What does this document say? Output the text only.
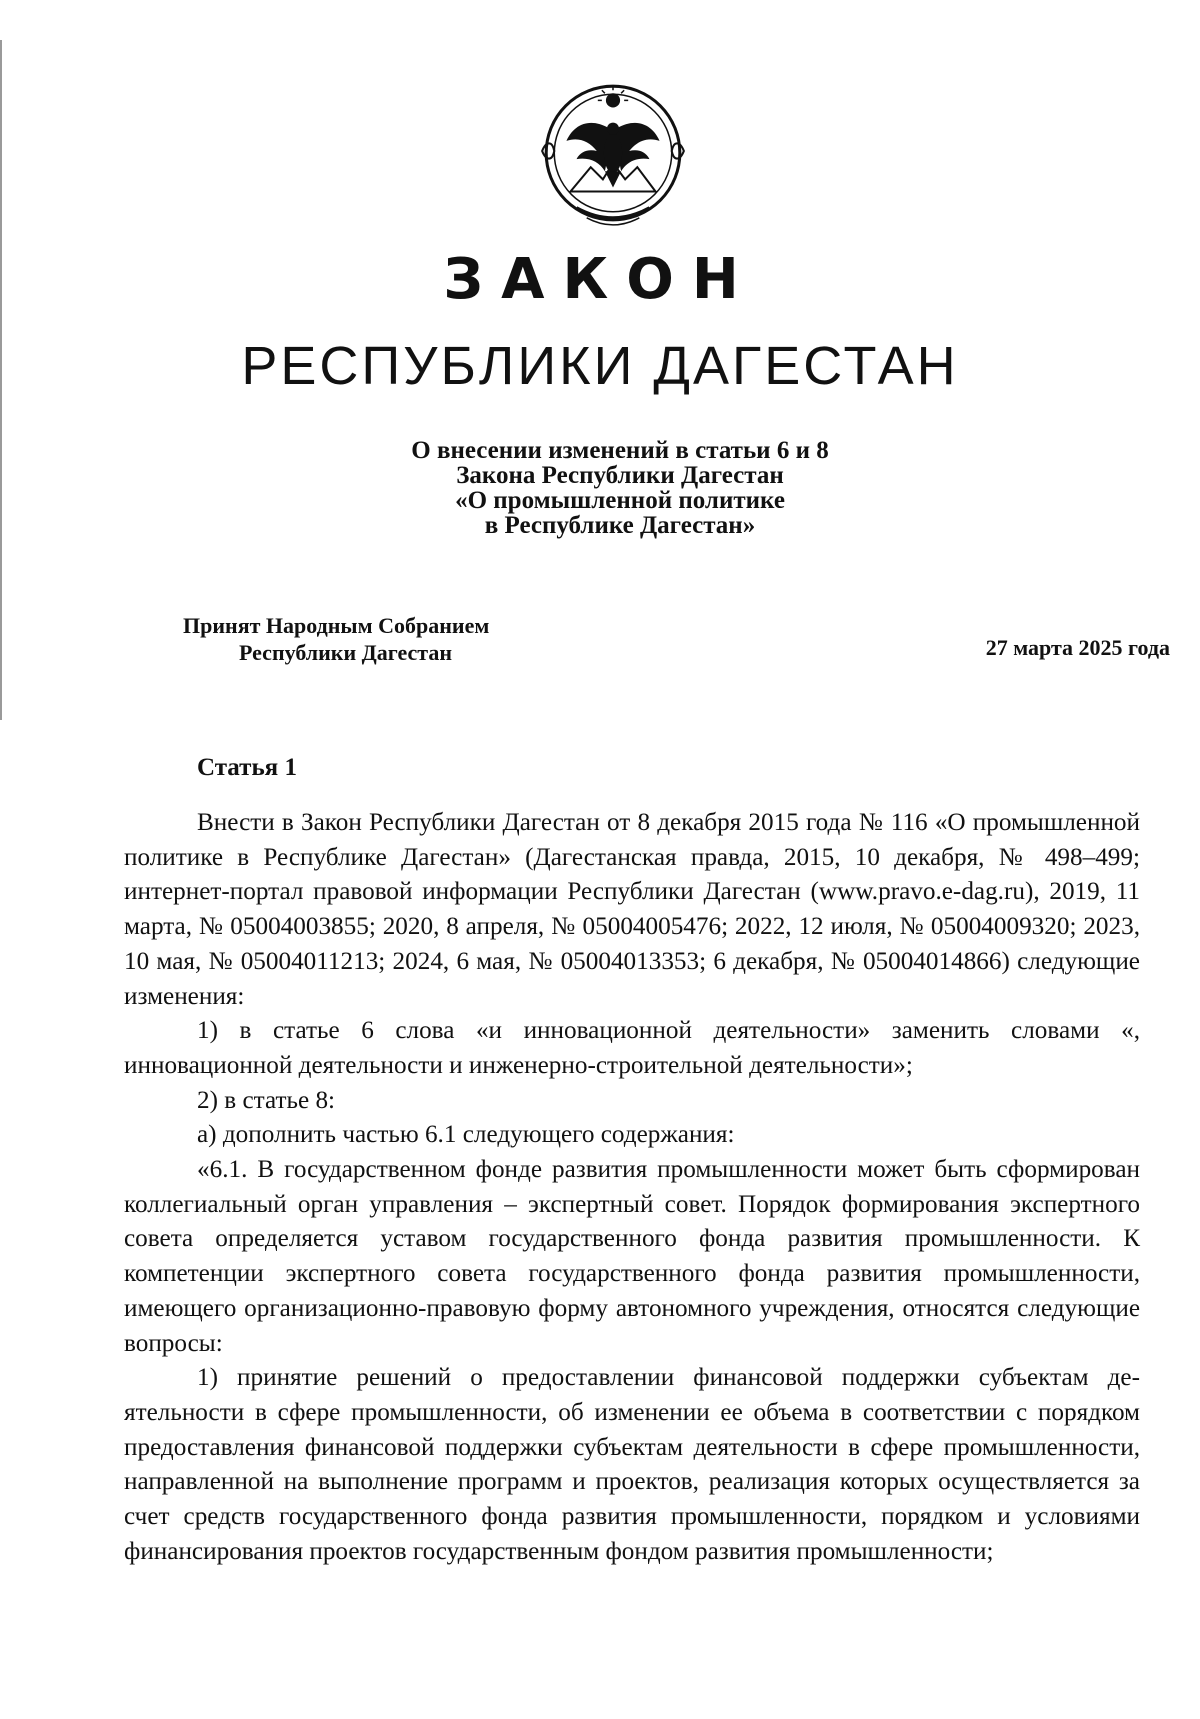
ЗАКОН
РЕСПУБЛИКИ ДАГЕСТАН
О внесении изменений в статьи 6 и 8
Закона Республики Дагестан
«О промышленной политике
в Республике Дагестан»
Принят Народным Собранием
Республики Дагестан	27 марта 2025 года
Статья 1

Внести в Закон Республики Дагестан от 8 декабря 2015 года № 116 «О промышленной политике в Республике Дагестан» (Дагестанская правда, 2015, 10 декабря, № 498–499; интернет-портал правовой информации Республики Дагестан (www.pravo.e-dag.ru), 2019, 11 марта, № 05004003855; 2020, 8 апреля, № 05004005476; 2022, 12 июля, № 05004009320; 2023, 10 мая, № 05004011213; 2024, 6 мая, № 05004013353; 6 декабря, № 05004014866) следующие изменения:

1) в статье 6 слова «и инновационной деятельности» заменить словами «, инновационной деятельности и инженерно-строительной деятельности»;

2) в статье 8:

а) дополнить частью 6.1 следующего содержания:

«6.1. В государственном фонде развития промышленности может быть сформирован коллегиальный орган управления – экспертный совет. Порядок формирования экспертного совета определяется уставом государственного фонда развития промышленности. К компетенции экспертного совета государственного фонда развития промышленности, имеющего организационно-правовую форму автономного учреждения, относятся следующие вопросы:

1) принятие решений о предоставлении финансовой поддержки субъектам деятельности в сфере промышленности, об изменении ее объема в соответствии с порядком предоставления финансовой поддержки субъектам деятельности в сфере промышленности, направленной на выполнение программ и проектов, реализация которых осуществляется за счет средств государственного фонда развития промышленности, порядком и условиями финансирования проектов государственным фондом развития промышленности;
